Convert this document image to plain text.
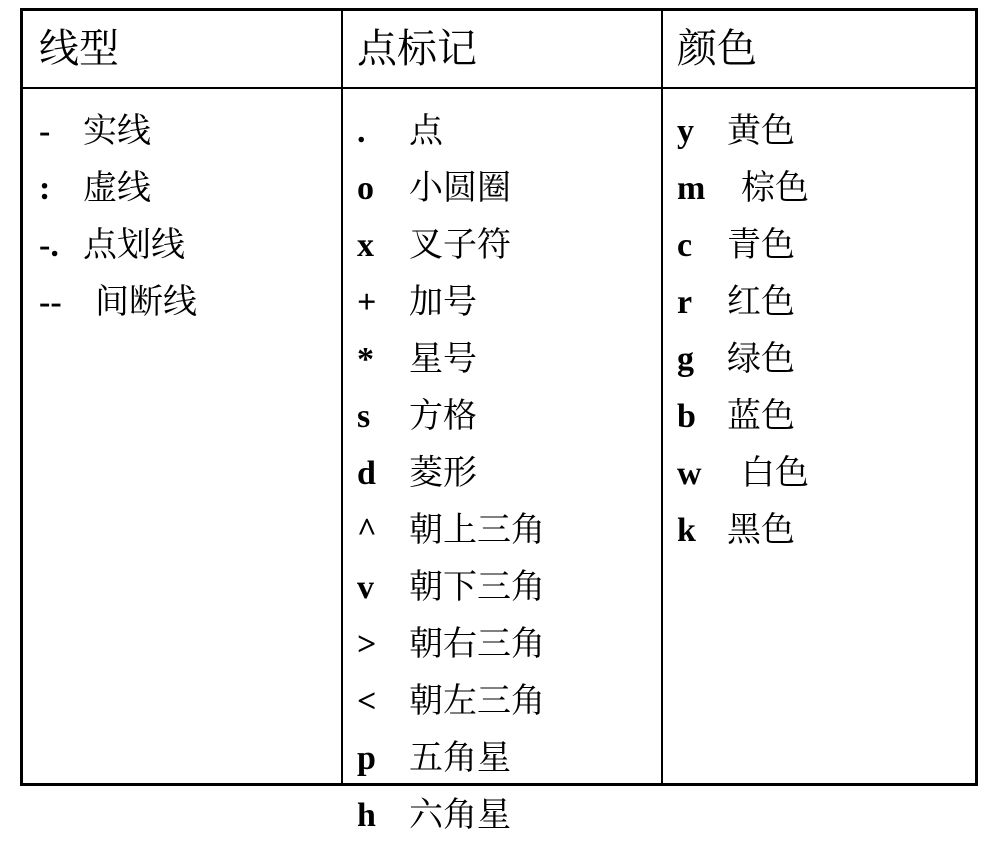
线型	点标记	颜色
- 实线
: 虚线
-. 点划线
-- 间断线
. 点
o 小圆圈
x 叉子符
+ 加号
* 星号
s 方格
d 菱形
^ 朝上三角
v 朝下三角
> 朝右三角
< 朝左三角
p 五角星
h 六角星
y 黄色
m 棕色
c 青色
r 红色
g 绿色
b 蓝色
w 白色
k 黑色
